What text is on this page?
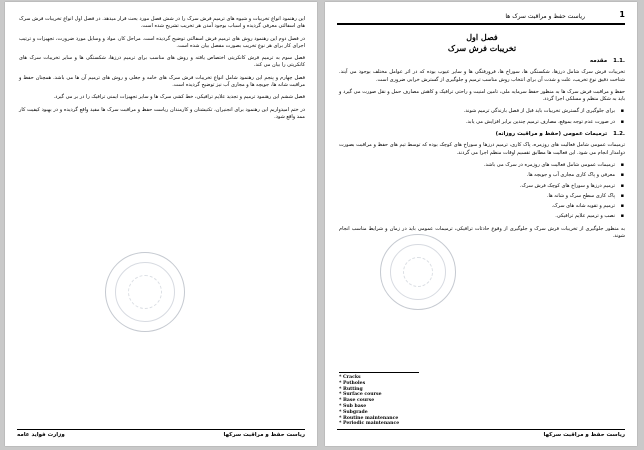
این رهنمود انواع تخریبات و شیوه های ترمیم فرش سرک را در شش فصل مورد بحث قرار میدهد. در فصل اول انواع تخریبات فرش سرک های اسفالتی معرفی گردیده و اسباب بوجود آمدن هر تخریب تشریح شده است.

در فصل دوم این رهنمود روش های ترمیم فرش اسفالتی توضیح گردیده است. مراحل کار، مواد و وسایل مورد ضرورت، تجهیزات و ترتیب اجرای کار برای هر نوع تخریب بصورت مفصل بیان شده است.

فصل سوم به ترمیم فرش کانکریتی اختصاص یافته و روش های مناسب برای ترمیم درزها، شکستگی ها و سایر تخریبات سرک های کانکریتی را بیان می کند.

فصل چهارم و پنجم این رهنمود شامل انواع تخریبات فرش سرک های خامه و جغلی و روش های ترمیم آن ها می باشد. همچنان حفظ و مراقبت شانه ها، جویچه ها و مجاری آب نیز توضیح گردیده است.

فصل ششم این رهنمود ترمیم و تجدید علایم ترافیکی، خط کشی سرک ها و سایر تجهیزات ایمنی ترافیک را در بر می گیرد.

در ختم امیدواریم این رهنمود برای انجنیران، تکنیشنان و کارمندان ریاست حفظ و مراقبت سرک ها مفید واقع گردیده و در بهبود کیفیت کار ممد واقع شود.

ریاست حفظ و مراقبت سرکها
وزارت فواید عامه

1
ریاست حفظ و مراقبت سرک ها
فصل اول
تخریبات فرش سرک
1.1.
مقدمه

تخریبات فرش سرک شامل درزها، شکستگی ها، سوراخ ها، فرورفتگی ها و سایر عیوب بوده که در اثر عوامل مختلف بوجود می آیند. شناخت دقیق نوع تخریب، علت و شدت آن برای انتخاب روش مناسب ترمیم و جلوگیری از گسترش خرابی ضروری است.

حفظ و مراقبت فرش سرک ها به منظور حفظ سرمایه ملی، تامین امنیت و راحتی ترافیک و کاهش مصارف حمل و نقل صورت می گیرد و باید به شکل منظم و مسلکی اجرا گردد.

▪ برای جلوگیری از گسترش تخریبات باید قبل از فصل بارندگی ترمیم شوند.
▪ در صورت عدم توجه بموقع، مصارف ترمیم چندین برابر افزایش می یابد.
1.2.
ترمیمات عمومی (حفظ و مراقبت روزانه)

ترمیمات عمومی شامل فعالیت های روزمره، پاک کاری، ترمیم درزها و سوراخ های کوچک بوده که توسط تیم های حفظ و مراقبت بصورت دوامدار انجام می شود. این فعالیت ها مطابق تقسیم اوقات منظم اجرا می گردند.

▪ ترمیمات عمومی شامل فعالیت های روزمره در سرک می باشد.
▪ معرفی و پاک کاری مجاری آب و جویچه ها.
▪ ترمیم درزها و سوراخ های کوچک فرش سرک.
▪ پاک کاری سطح سرک و شانه ها.
▪ ترمیم و تقویه شانه های سرک.
▪ نصب و ترمیم علایم ترافیکی.

به منظور جلوگیری از تخریبات فرش سرک و جلوگیری از وقوع حادثات ترافیکی، ترمیمات عمومی باید در زمان و شرایط مناسب انجام شوند.

* Cracks
* Potholes
* Rutting
* Surface course
* Base course
* Sub base
* Subgrade
* Routine maintenance
* Periodic maintenance
ریاست حفظ و مراقبت سرکها
